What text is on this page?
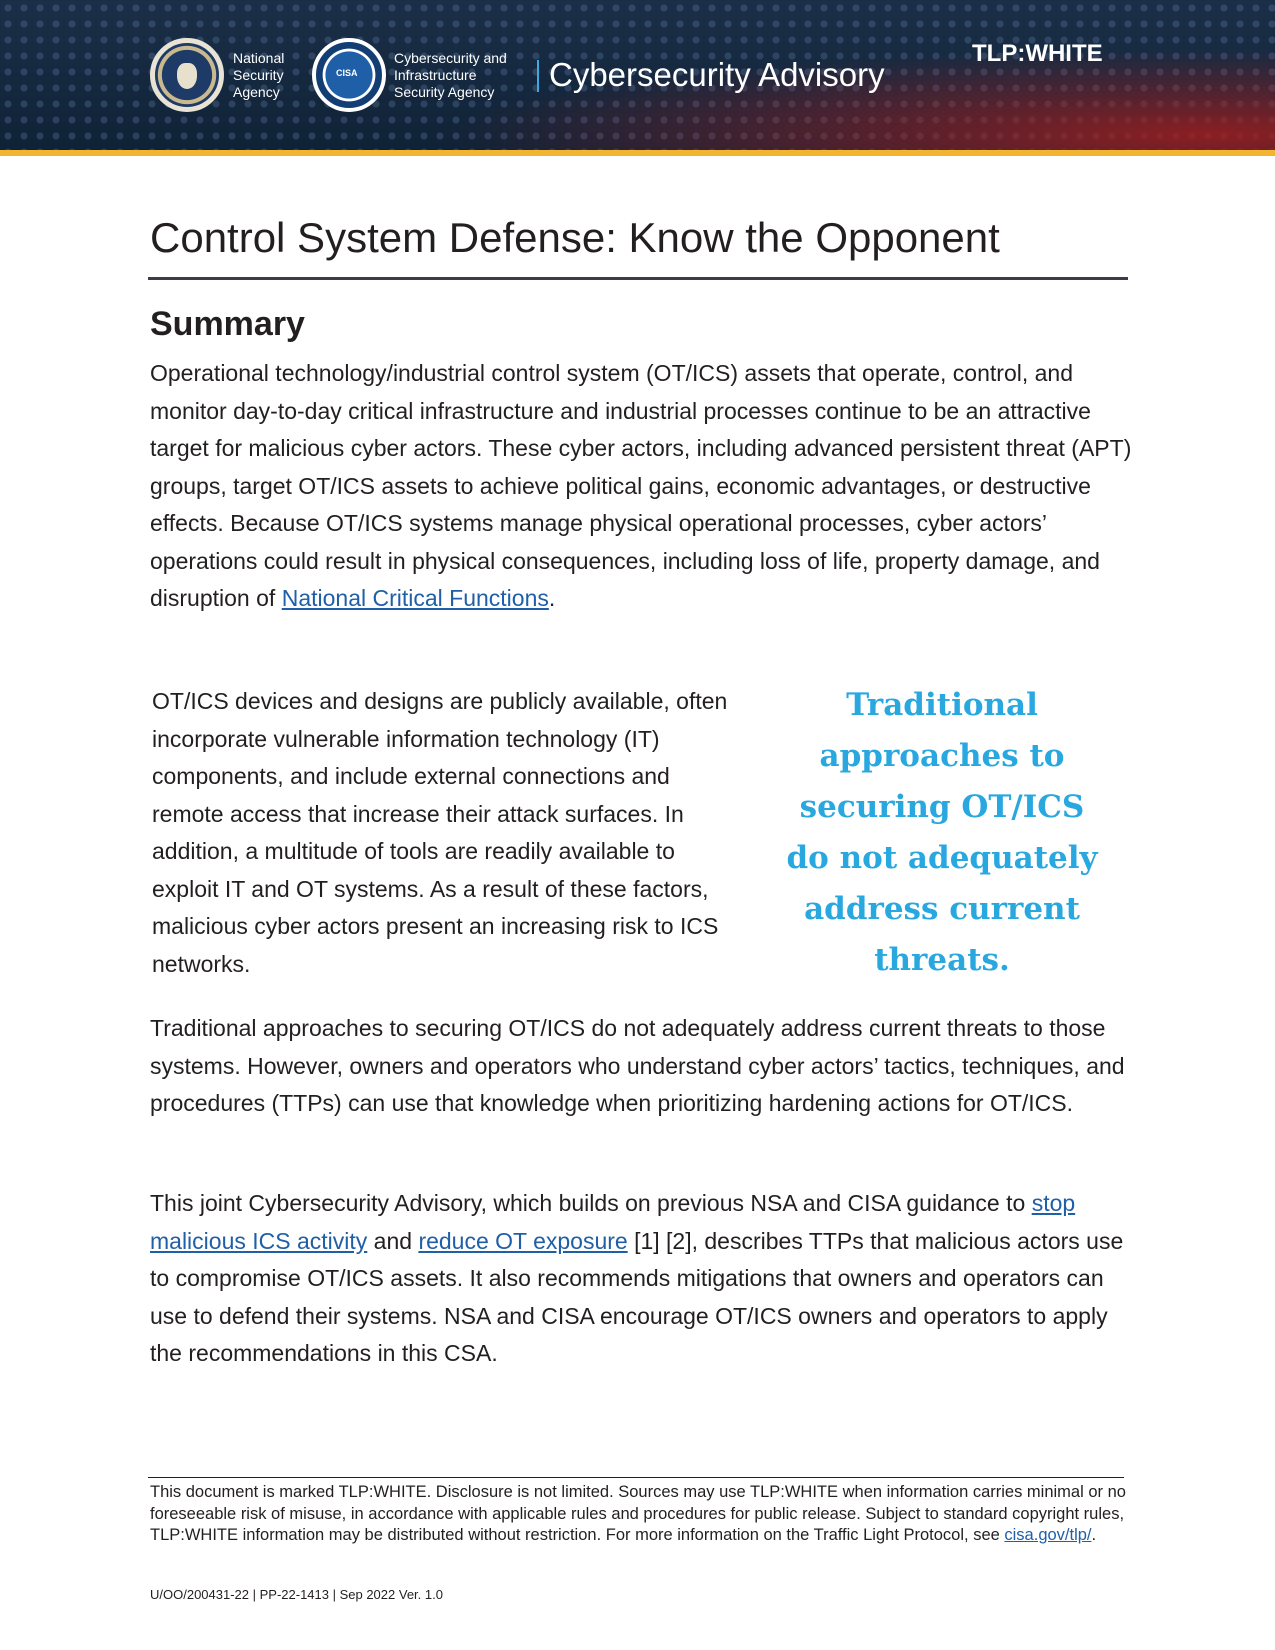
National
Security
Agency
CISA
Cybersecurity and
Infrastructure
Security Agency	Cybersecurity Advisory
TLP:WHITE
Control System Defense: Know the Opponent
Summary

Operational technology/industrial control system (OT/ICS) assets that operate, control, and monitor day-to-day critical infrastructure and industrial processes continue to be an attractive target for malicious cyber actors. These cyber actors, including advanced persistent threat (APT) groups, target OT/ICS assets to achieve political gains, economic advantages, or destructive effects. Because OT/ICS systems manage physical operational processes, cyber actors’ operations could result in physical consequences, including loss of life, property damage, and disruption of National Critical Functions.

OT/ICS devices and designs are publicly available, often incorporate vulnerable information technology (IT) components, and include external connections and remote access that increase their attack surfaces. In addition, a multitude of tools are readily available to exploit IT and OT systems. As a result of these factors, malicious cyber actors present an increasing risk to ICS networks.

Traditional approaches to securing OT/ICS do not adequately address current threats.

Traditional approaches to securing OT/ICS do not adequately address current threats to those systems. However, owners and operators who understand cyber actors’ tactics, techniques, and procedures (TTPs) can use that knowledge when prioritizing hardening actions for OT/ICS.

This joint Cybersecurity Advisory, which builds on previous NSA and CISA guidance to stop malicious ICS activity and reduce OT exposure [1] [2], describes TTPs that malicious actors use to compromise OT/ICS assets. It also recommends mitigations that owners and operators can use to defend their systems. NSA and CISA encourage OT/ICS owners and operators to apply the recommendations in this CSA.

This document is marked TLP:WHITE. Disclosure is not limited. Sources may use TLP:WHITE when information carries minimal or no foreseeable risk of misuse, in accordance with applicable rules and procedures for public release. Subject to standard copyright rules, TLP:WHITE information may be distributed without restriction. For more information on the Traffic Light Protocol, see cisa.gov/tlp/.

U/OO/200431-22 | PP-22-1413 | Sep 2022 Ver. 1.0
